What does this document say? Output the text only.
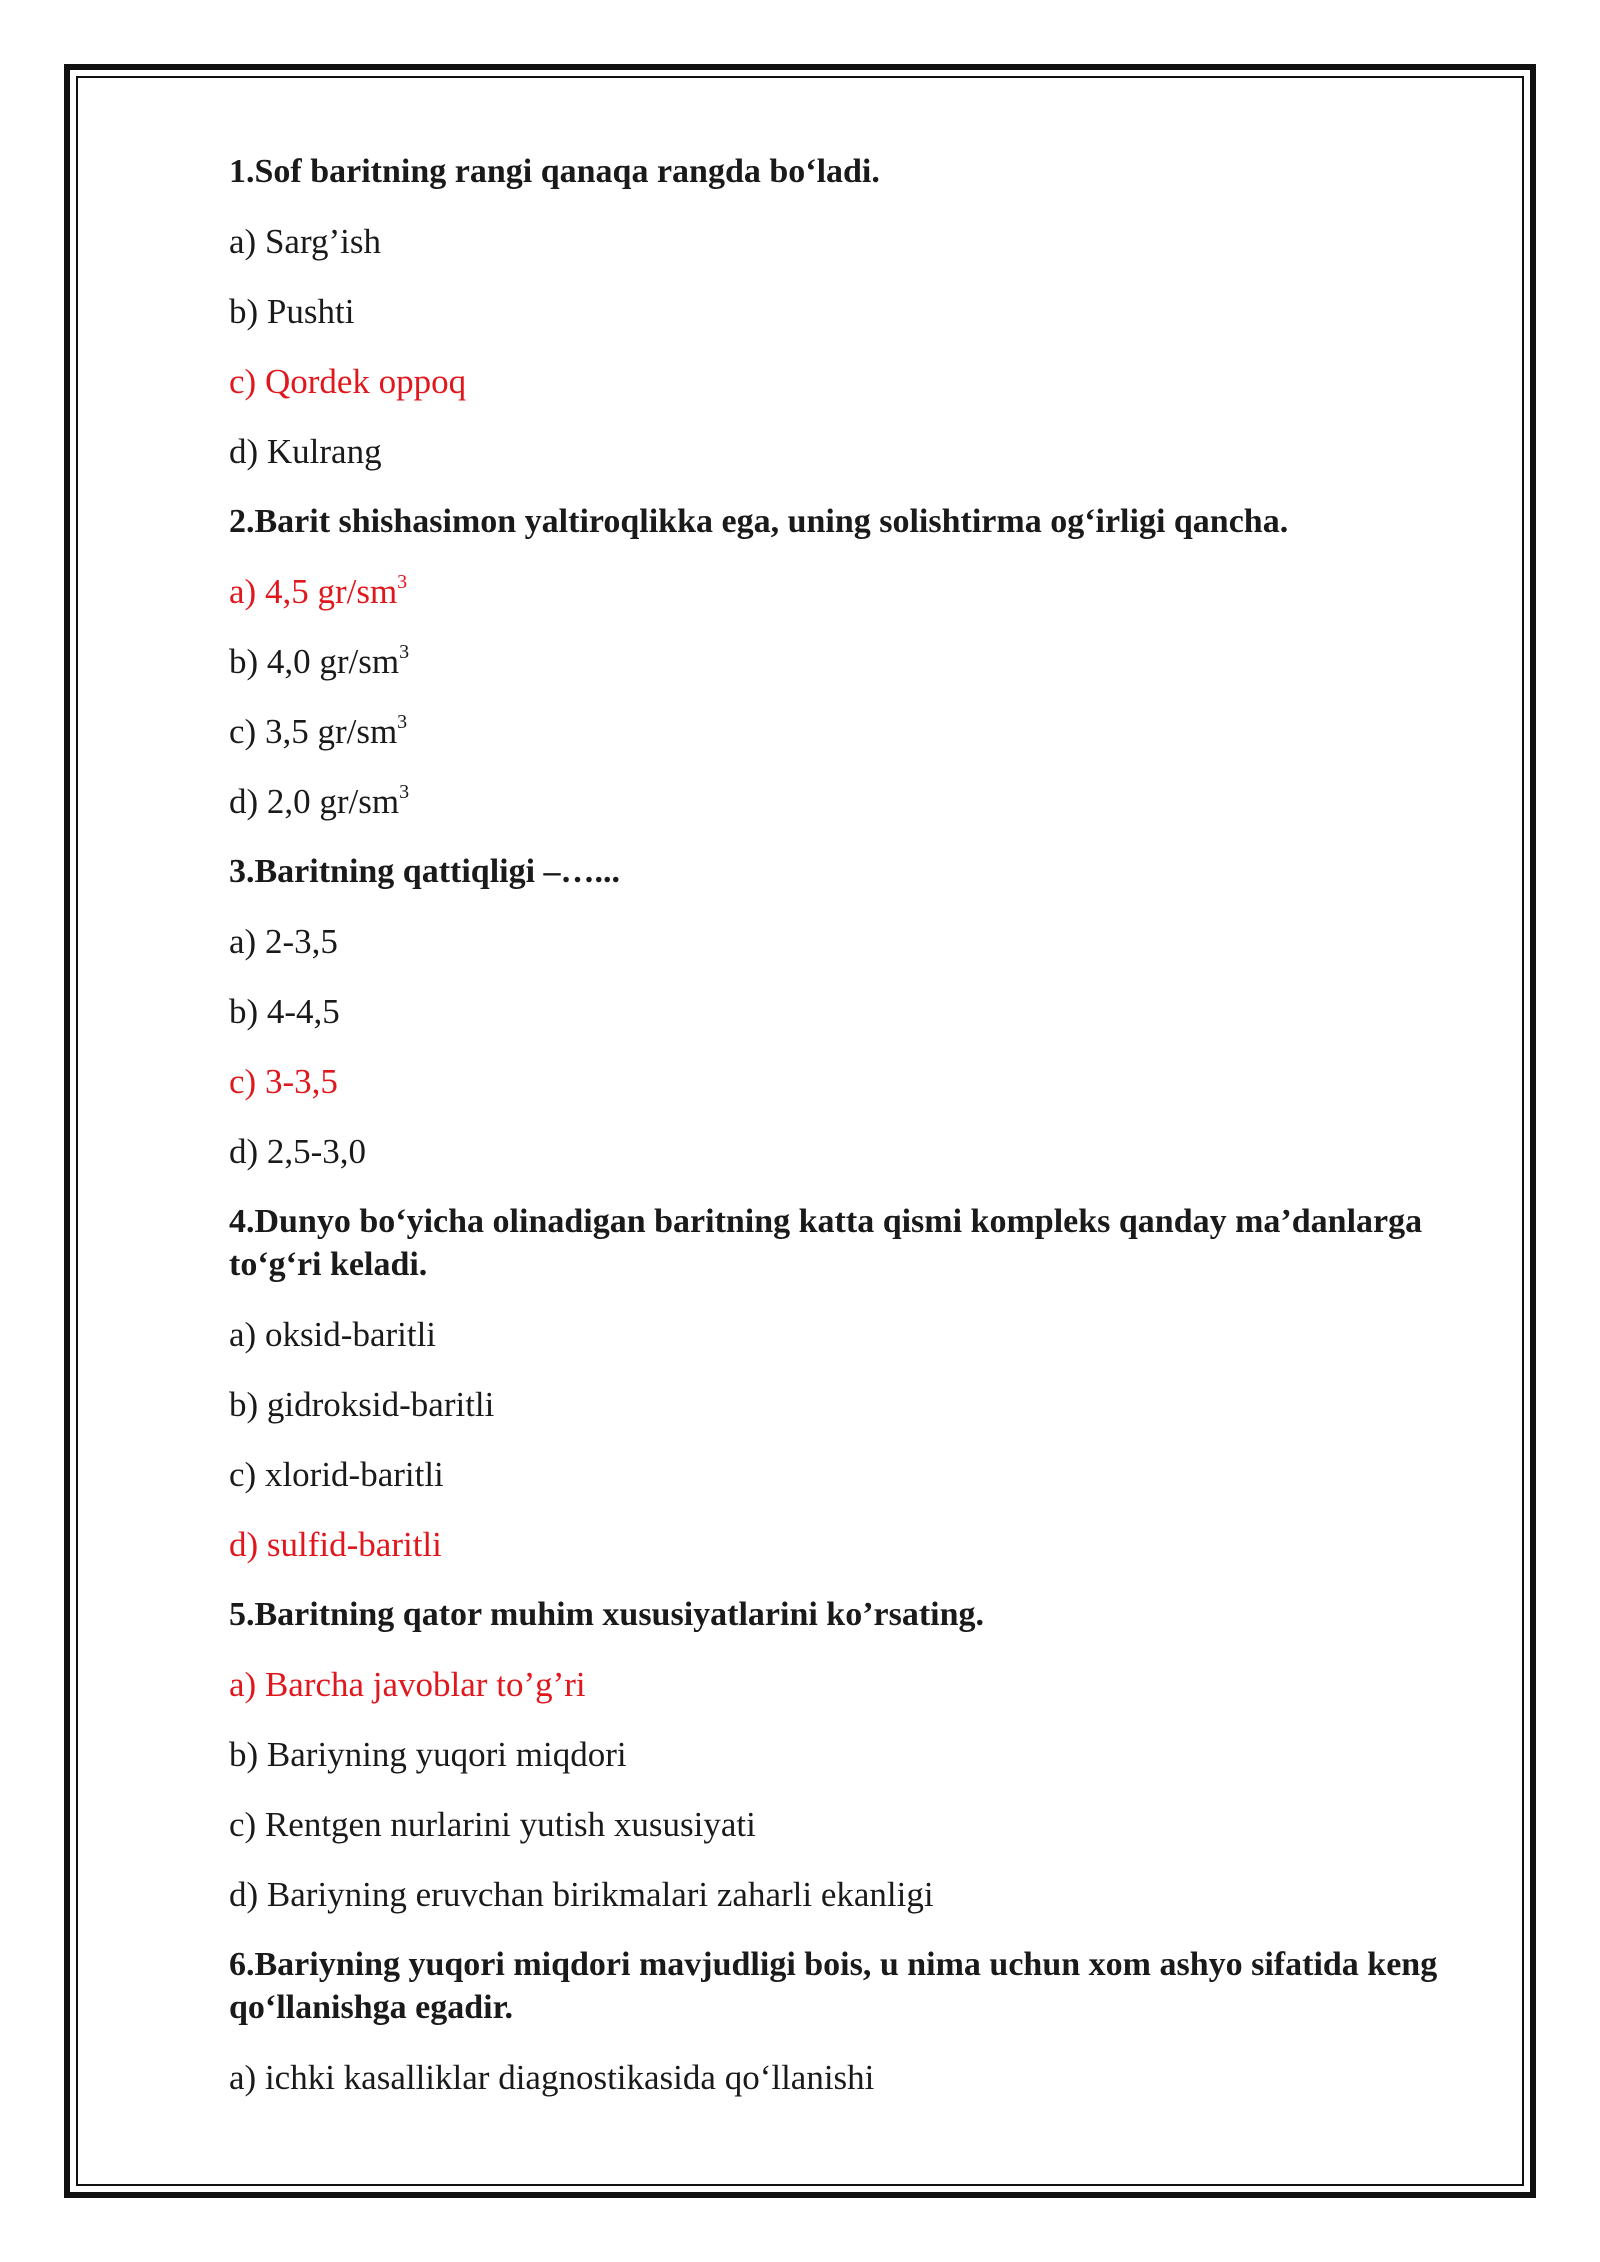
1.Sof baritning rangi qanaqa rangda bo‘ladi.
a) Sarg’ish
b) Pushti
c) Qordek oppoq
d) Kulrang
2.Barit shishasimon yaltiroqlikka ega, uning solishtirma og‘irligi qancha.
a) 4,5 $gr/sm^3$
b) 4,0 $gr/sm^3$
c) 3,5 $gr/sm^3$
d) 2,0 $gr/sm^3$
3.Baritning qattiqligi –…...
a) 2-3,5
b) 4-4,5
c) 3-3,5
d) 2,5-3,0
4.Dunyo bo‘yicha olinadigan baritning katta qismi kompleks qanday ma’danlarga to‘g‘ri keladi.
a) oksid-baritli
b) gidroksid-baritli
c) xlorid-baritli
d) sulfid-baritli
5.Baritning qator muhim xususiyatlarini ko’rsating.
a) Barcha javoblar to’g’ri
b) Bariyning yuqori miqdori
c) Rentgen nurlarini yutish xususiyati
d) Bariyning eruvchan birikmalari zaharli ekanligi
6.Bariyning yuqori miqdori mavjudligi bois, u nima uchun xom ashyo sifatida keng qo‘llanishga egadir.
a) ichki kasalliklar diagnostikasida qo‘llanishi
